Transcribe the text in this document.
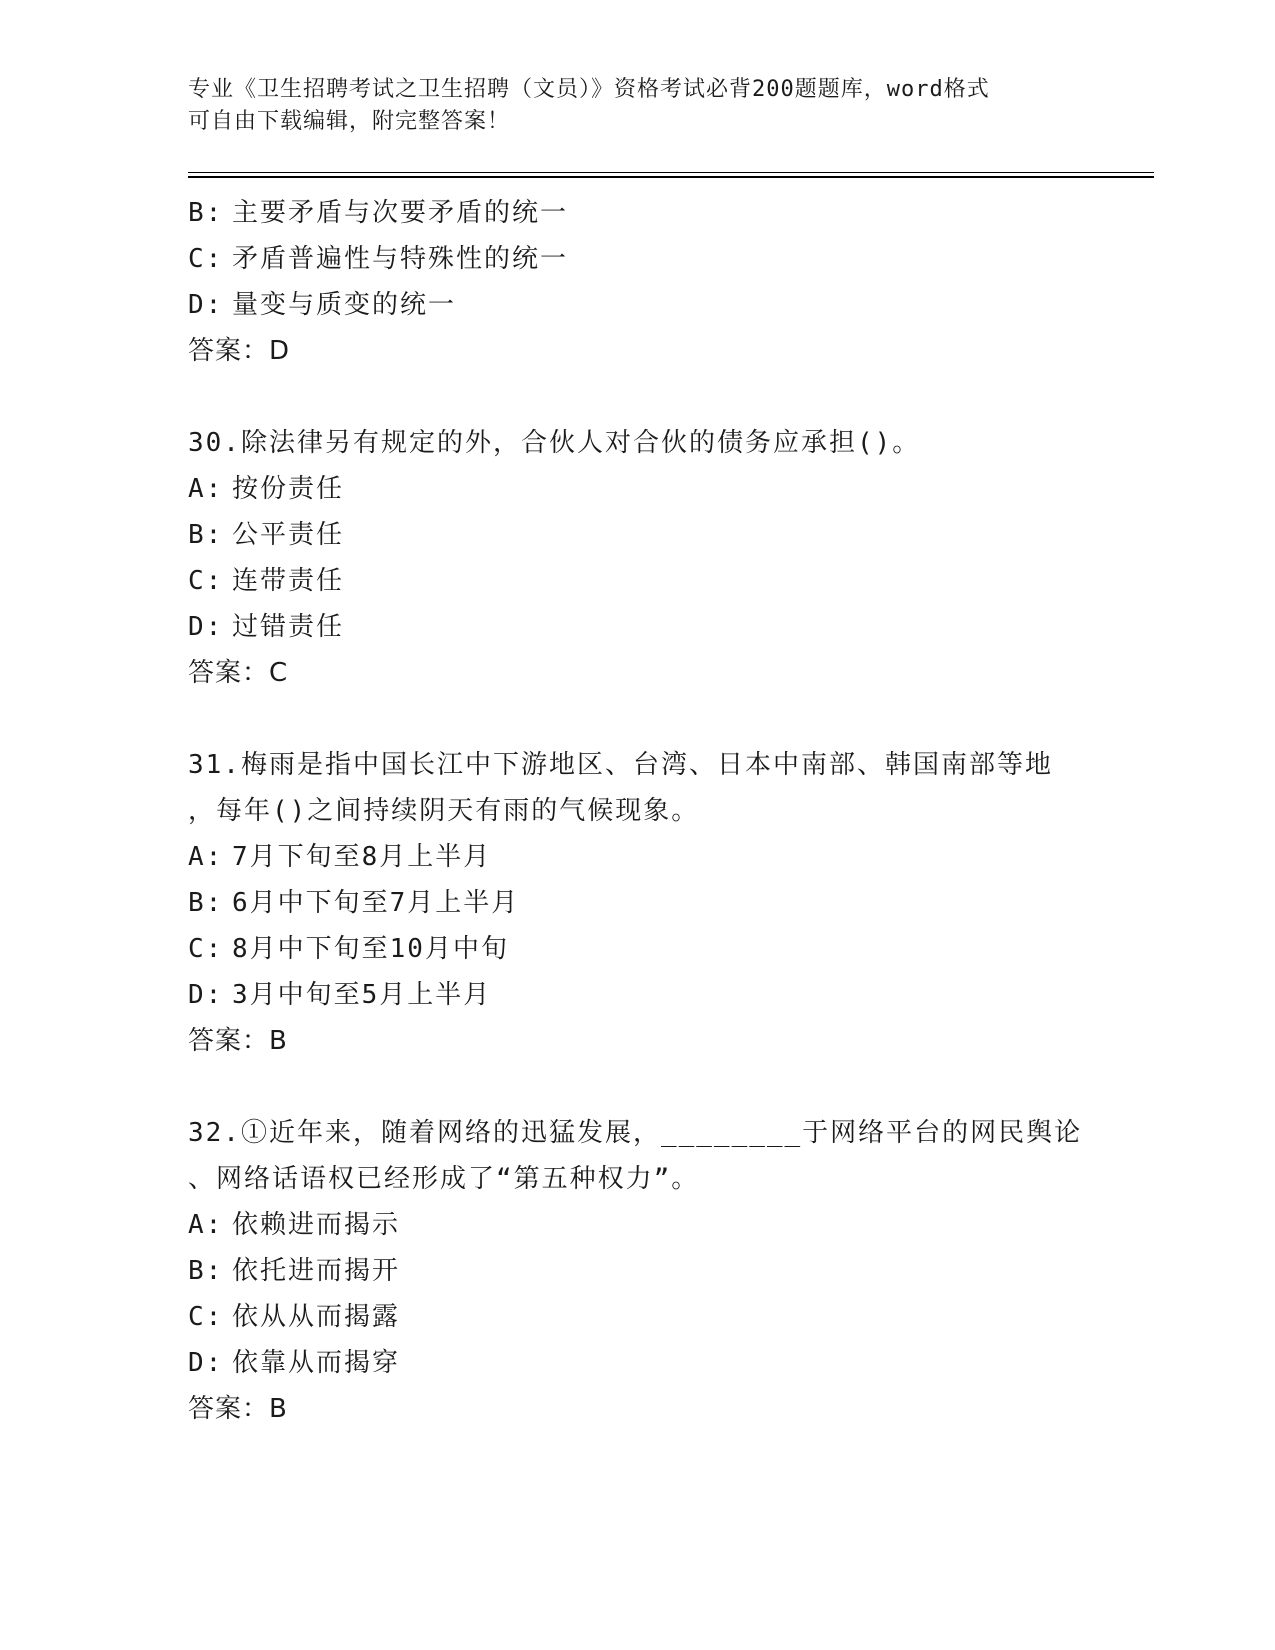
专业《卫生招聘考试之卫生招聘（文员）》资格考试必背200题题库，word格式
可自由下载编辑，附完整答案！
B: 主要矛盾与次要矛盾的统一
C: 矛盾普遍性与特殊性的统一
D: 量变与质变的统一
答案：D
30.除法律另有规定的外，合伙人对合伙的债务应承担()。
A: 按份责任
B: 公平责任
C: 连带责任
D: 过错责任
答案：C
31.梅雨是指中国长江中下游地区、台湾、日本中南部、韩国南部等地
，每年()之间持续阴天有雨的气候现象。
A: 7月下旬至8月上半月
B: 6月中下旬至7月上半月
C: 8月中下旬至10月中旬
D: 3月中旬至5月上半月
答案：B
32.①近年来，随着网络的迅猛发展，________于网络平台的网民舆论
、网络话语权已经形成了“第五种权力”。
A: 依赖进而揭示
B: 依托进而揭开
C: 依从从而揭露
D: 依靠从而揭穿
答案：B
